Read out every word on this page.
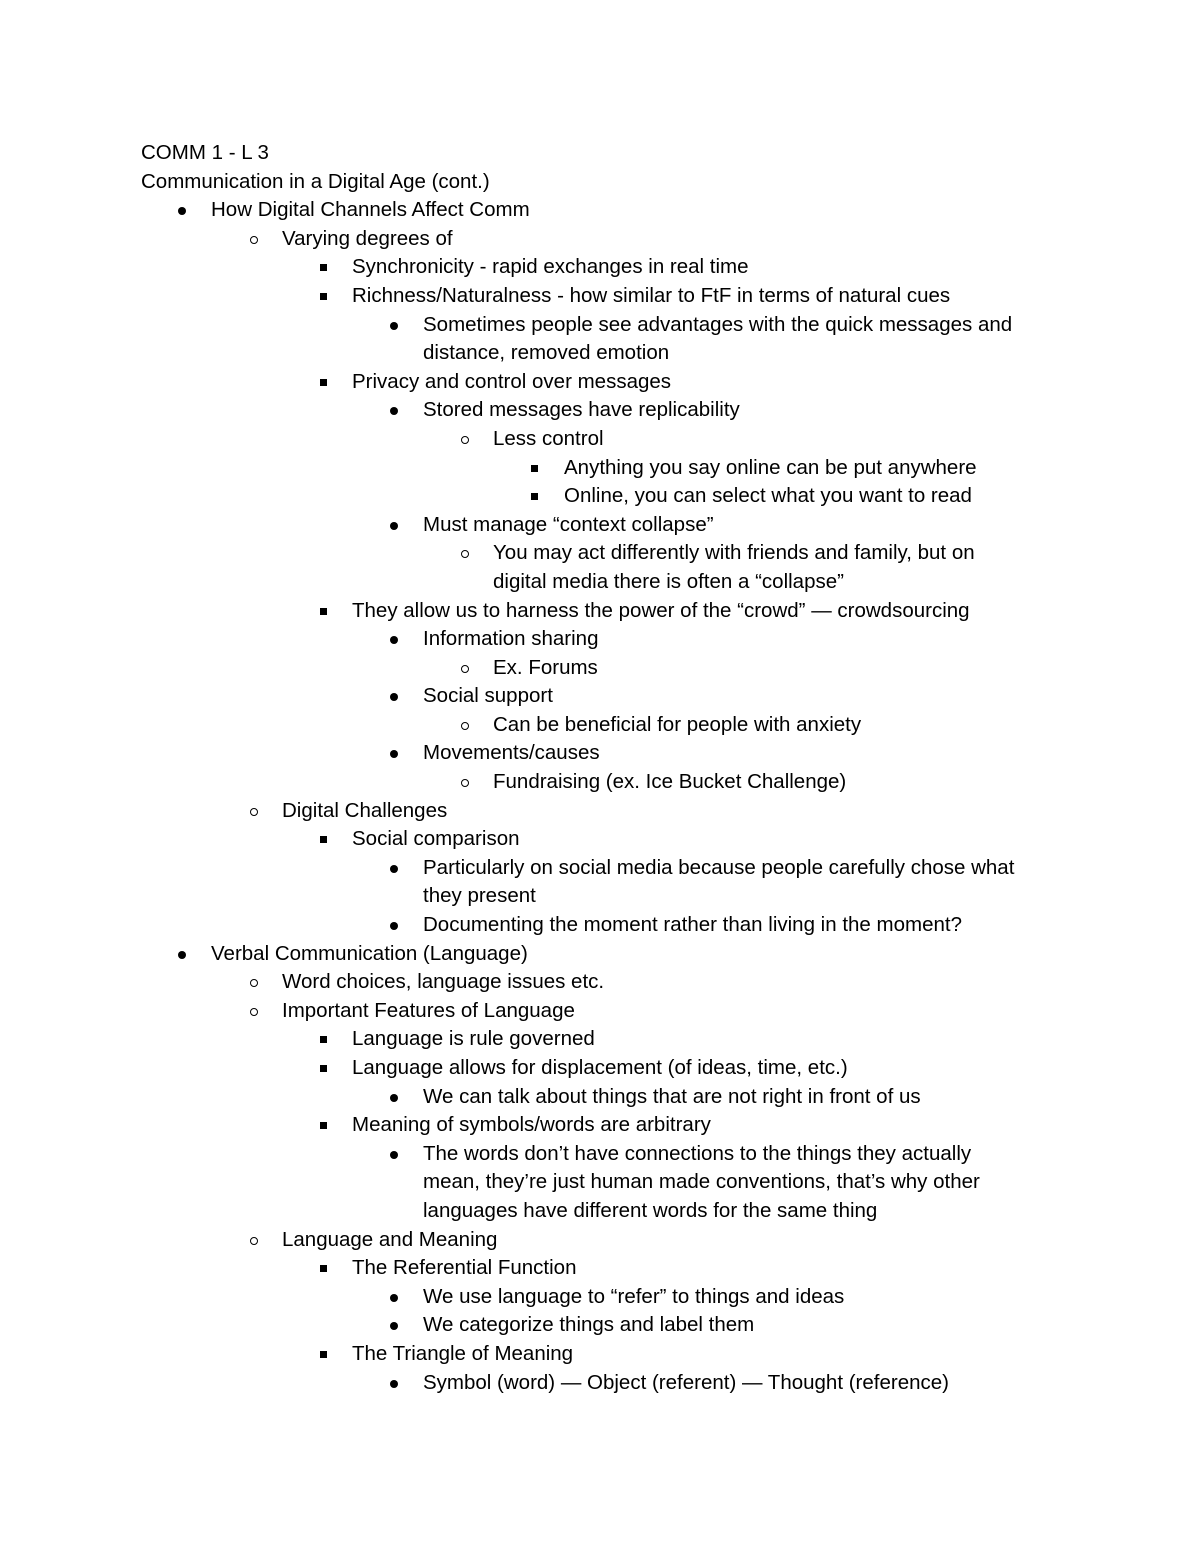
COMM 1 - L 3
Communication in a Digital Age (cont.)
How Digital Channels Affect Comm
Varying degrees of
Synchronicity - rapid exchanges in real time
Richness/Naturalness - how similar to FtF in terms of natural cues
Sometimes people see advantages with the quick messages and
distance, removed emotion
Privacy and control over messages
Stored messages have replicability
Less control
Anything you say online can be put anywhere
Online, you can select what you want to read
Must manage “context collapse”
You may act differently with friends and family, but on
digital media there is often a “collapse”
They allow us to harness the power of the “crowd” — crowdsourcing
Information sharing
Ex. Forums
Social support
Can be beneficial for people with anxiety
Movements/causes
Fundraising (ex. Ice Bucket Challenge)
Digital Challenges
Social comparison
Particularly on social media because people carefully chose what
they present
Documenting the moment rather than living in the moment?
Verbal Communication (Language)
Word choices, language issues etc.
Important Features of Language
Language is rule governed
Language allows for displacement (of ideas, time, etc.)
We can talk about things that are not right in front of us
Meaning of symbols/words are arbitrary
The words don’t have connections to the things they actually
mean, they’re just human made conventions, that’s why other
languages have different words for the same thing
Language and Meaning
The Referential Function
We use language to “refer” to things and ideas
We categorize things and label them
The Triangle of Meaning
Symbol (word) — Object (referent) — Thought (reference)
